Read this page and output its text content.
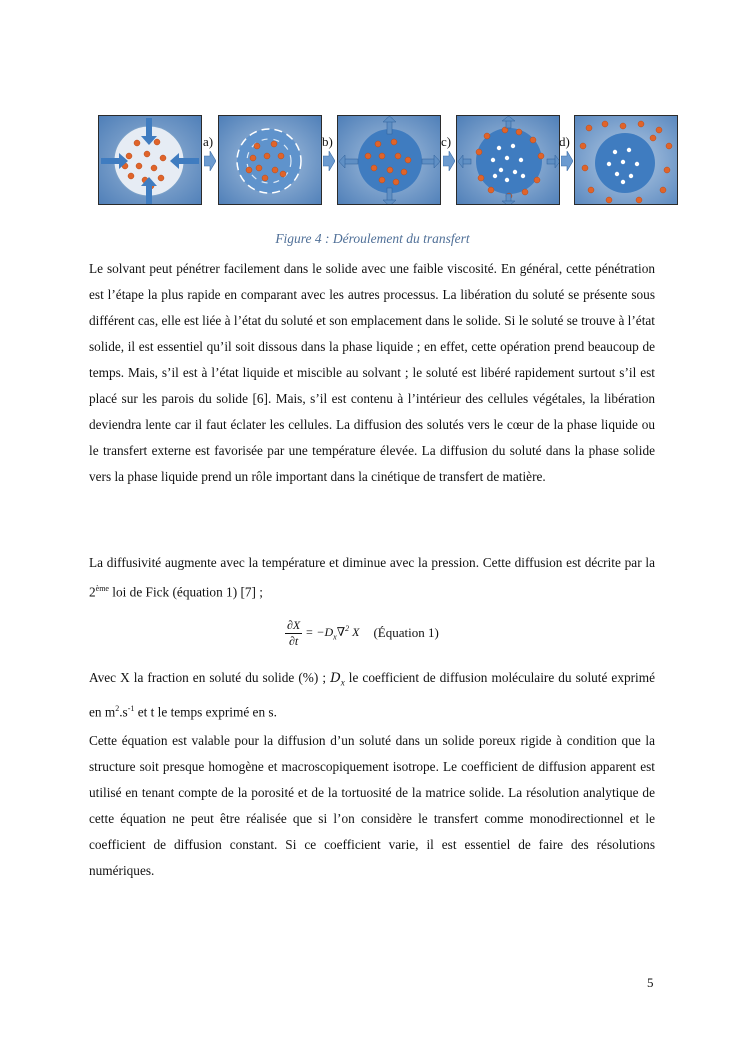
a)	b)	c)	d)
Figure 4 : Déroulement du transfert

Le solvant peut pénétrer facilement dans le solide avec une faible viscosité. En général, cette pénétration est l’étape la plus rapide en comparant avec les autres processus. La libération du soluté se présente sous différent cas, elle est liée à l’état du soluté et son emplacement dans le solide. Si le soluté se trouve à l’état solide, il est essentiel qu’il soit dissous dans la phase liquide ; en effet, cette opération prend beaucoup de temps. Mais, s’il est à l’état liquide et miscible au solvant ; le soluté est libéré rapidement surtout s’il est placé sur les parois du solide [6]. Mais, s’il est contenu à l’intérieur des cellules végétales, la libération deviendra lente car il faut éclater les cellules. La diffusion des solutés vers le cœur de la phase liquide ou le transfert externe est favorisée par une température élevée. La diffusion du soluté dans la phase solide vers la phase liquide prend un rôle important dans la cinétique de transfert de matière.

La diffusivité augmente avec la température et diminue avec la pression. Cette diffusion est décrite par la 2ème loi de Fick (équation 1) [7] ;

$\frac{\partial X}{\partial t} = -D_x\nabla^2$ X (Équation 1)

Avec X la fraction en soluté du solide (%) ; $D_x$ le coefficient de diffusion moléculaire du soluté exprimé en $m^2.s^{-1}$ et t le temps exprimé en s.

Cette équation est valable pour la diffusion d’un soluté dans un solide poreux rigide à condition que la structure soit presque homogène et macroscopiquement isotrope. Le coefficient de diffusion apparent est utilisé en tenant compte de la porosité et de la tortuosité de la matrice solide. La résolution analytique de cette équation ne peut être réalisée que si l’on considère le transfert comme monodirectionnel et le coefficient de diffusion constant. Si ce coefficient varie, il est essentiel de faire des résolutions numériques.

5
